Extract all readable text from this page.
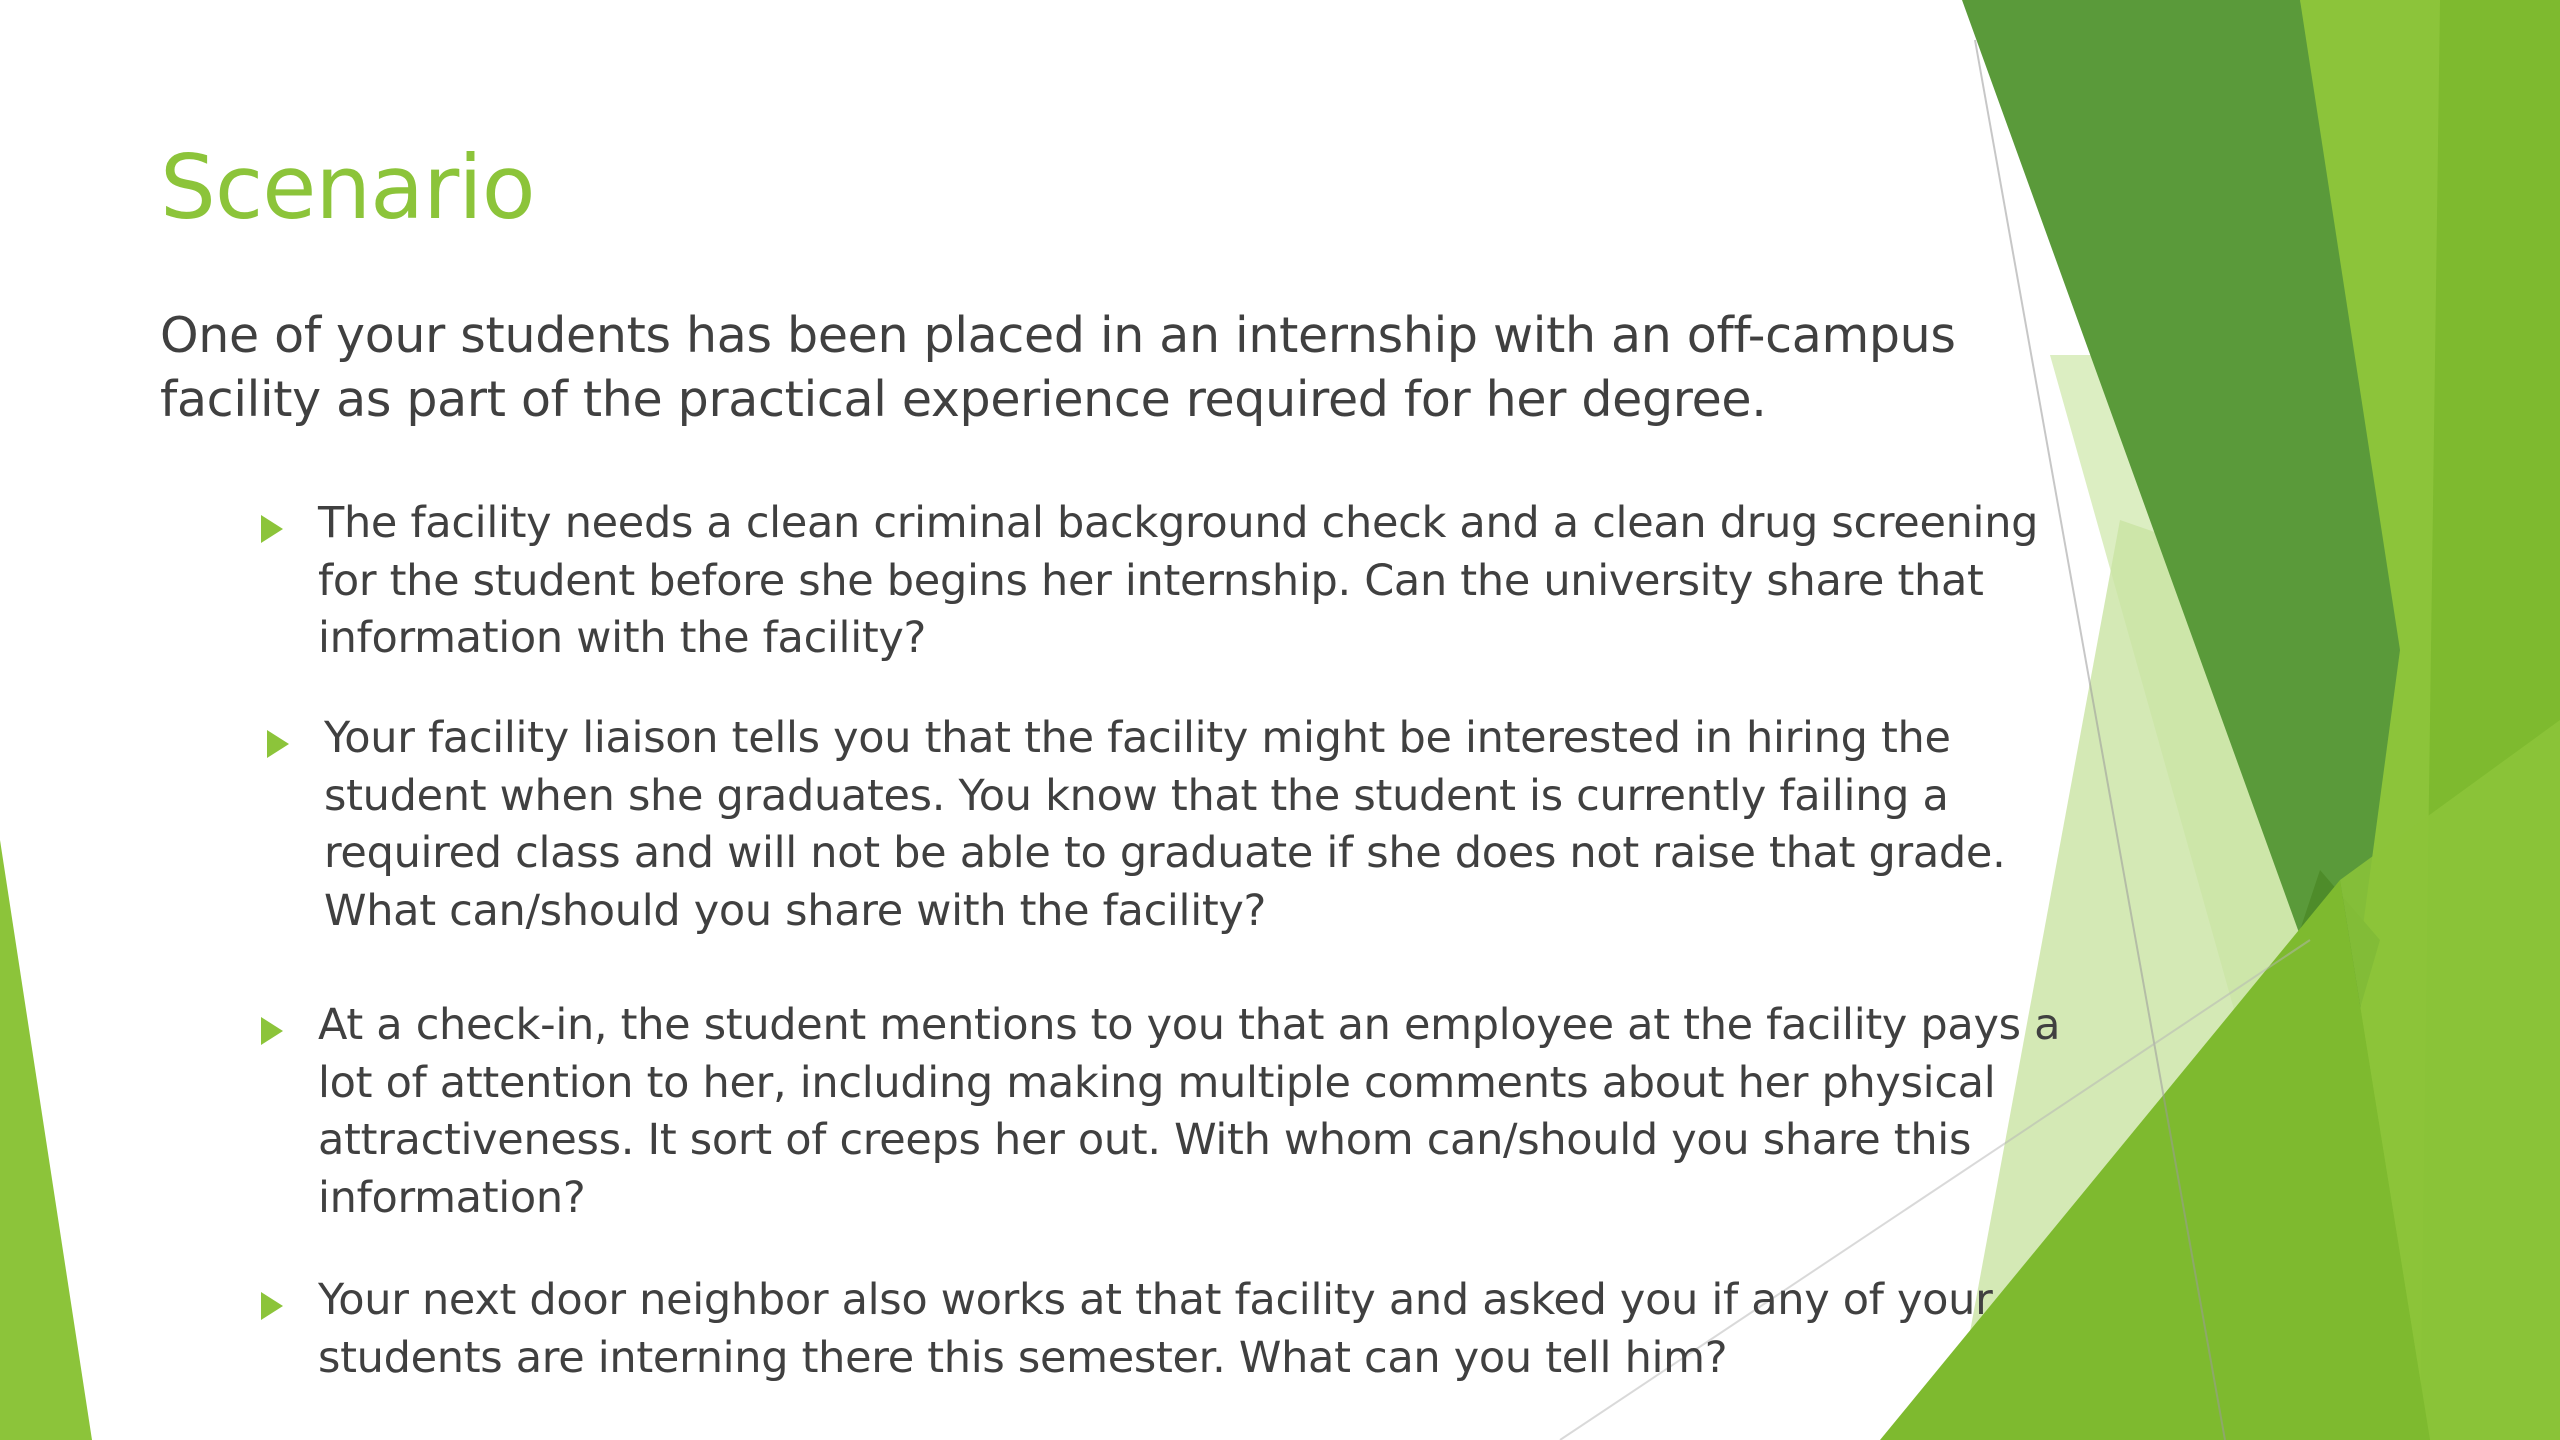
Scenario

One of your students has been placed in an internship with an off-campus facility as part of the practical experience required for her degree.

The facility needs a clean criminal background check and a clean drug screening for the student before she begins her internship. Can the university share that information with the facility?

Your facility liaison tells you that the facility might be interested in hiring the student when she graduates. You know that the student is currently failing a required class and will not be able to graduate if she does not raise that grade. What can/should you share with the facility?

At a check-in, the student mentions to you that an employee at the facility pays a lot of attention to her, including making multiple comments about her physical attractiveness. It sort of creeps her out. With whom can/should you share this information?

Your next door neighbor also works at that facility and asked you if any of your students are interning there this semester. What can you tell him?
